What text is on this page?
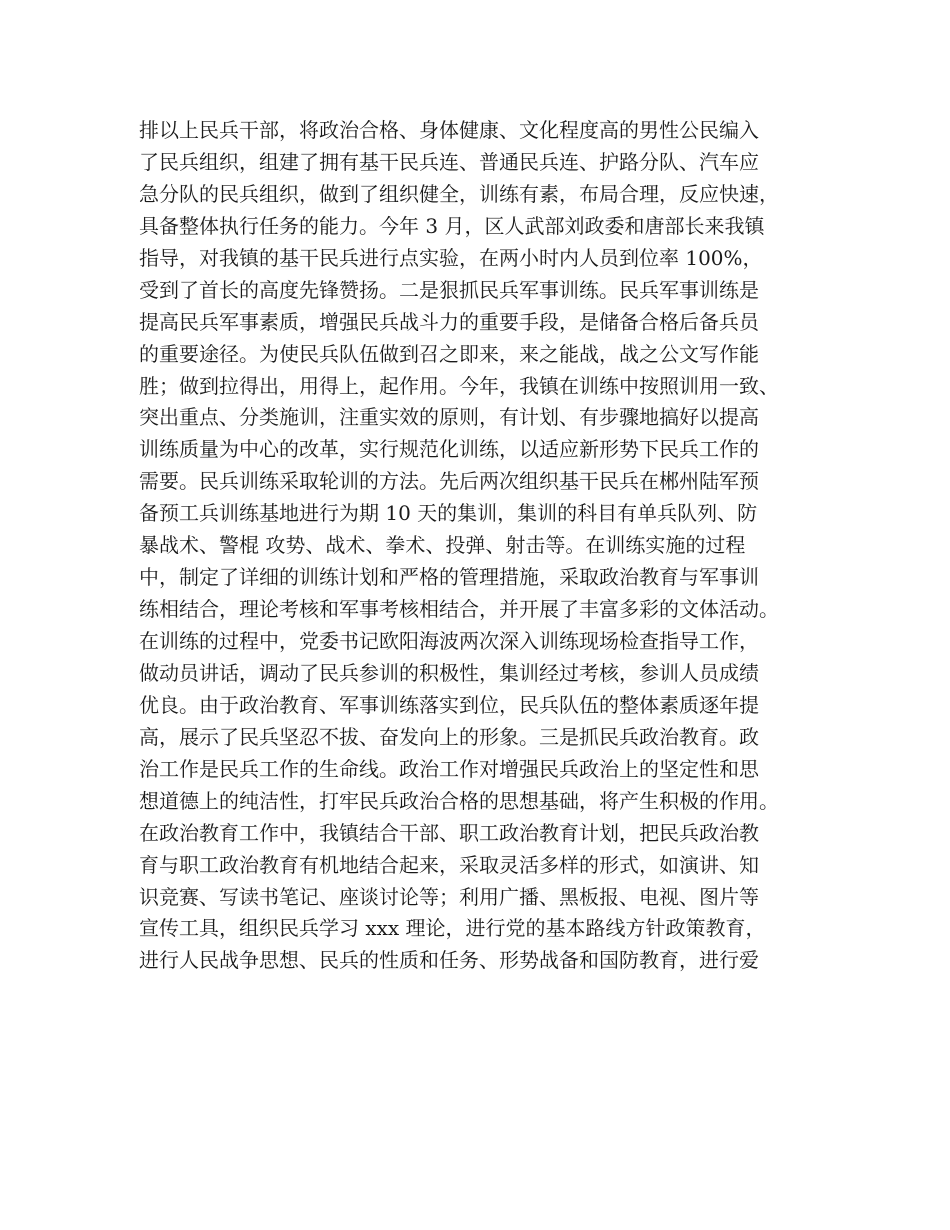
排以上民兵干部，将政治合格、身体健康、文化程度高的男性公民编入
了民兵组织，组建了拥有基干民兵连、普通民兵连、护路分队、汽车应
急分队的民兵组织，做到了组织健全，训练有素，布局合理，反应快速，
具备整体执行任务的能力。今年 3 月，区人武部刘政委和唐部长来我镇
指导，对我镇的基干民兵进行点实验，在两小时内人员到位率 100%，
受到了首长的高度先锋赞扬。二是狠抓民兵军事训练。民兵军事训练是
提高民兵军事素质，增强民兵战斗力的重要手段，是储备合格后备兵员
的重要途径。为使民兵队伍做到召之即来，来之能战，战之公文写作能
胜；做到拉得出，用得上，起作用。今年，我镇在训练中按照训用一致、
突出重点、分类施训，注重实效的原则，有计划、有步骤地搞好以提高
训练质量为中心的改革，实行规范化训练，以适应新形势下民兵工作的
需要。民兵训练采取轮训的方法。先后两次组织基干民兵在郴州陆军预
备预工兵训练基地进行为期 10 天的集训，集训的科目有单兵队列、防
暴战术、警棍 攻势、战术、拳术、投弹、射击等。在训练实施的过程
中，制定了详细的训练计划和严格的管理措施，采取政治教育与军事训
练相结合，理论考核和军事考核相结合，并开展了丰富多彩的文体活动。
在训练的过程中，党委书记欧阳海波两次深入训练现场检查指导工作，
做动员讲话，调动了民兵参训的积极性，集训经过考核，参训人员成绩
优良。由于政治教育、军事训练落实到位，民兵队伍的整体素质逐年提
高，展示了民兵坚忍不拔、奋发向上的形象。三是抓民兵政治教育。政
治工作是民兵工作的生命线。政治工作对增强民兵政治上的坚定性和思
想道德上的纯洁性，打牢民兵政治合格的思想基础，将产生积极的作用。
在政治教育工作中，我镇结合干部、职工政治教育计划，把民兵政治教
育与职工政治教育有机地结合起来，采取灵活多样的形式，如演讲、知
识竞赛、写读书笔记、座谈讨论等；利用广播、黑板报、电视、图片等
宣传工具，组织民兵学习 xxx 理论，进行党的基本路线方针政策教育，
进行人民战争思想、民兵的性质和任务、形势战备和国防教育，进行爱
